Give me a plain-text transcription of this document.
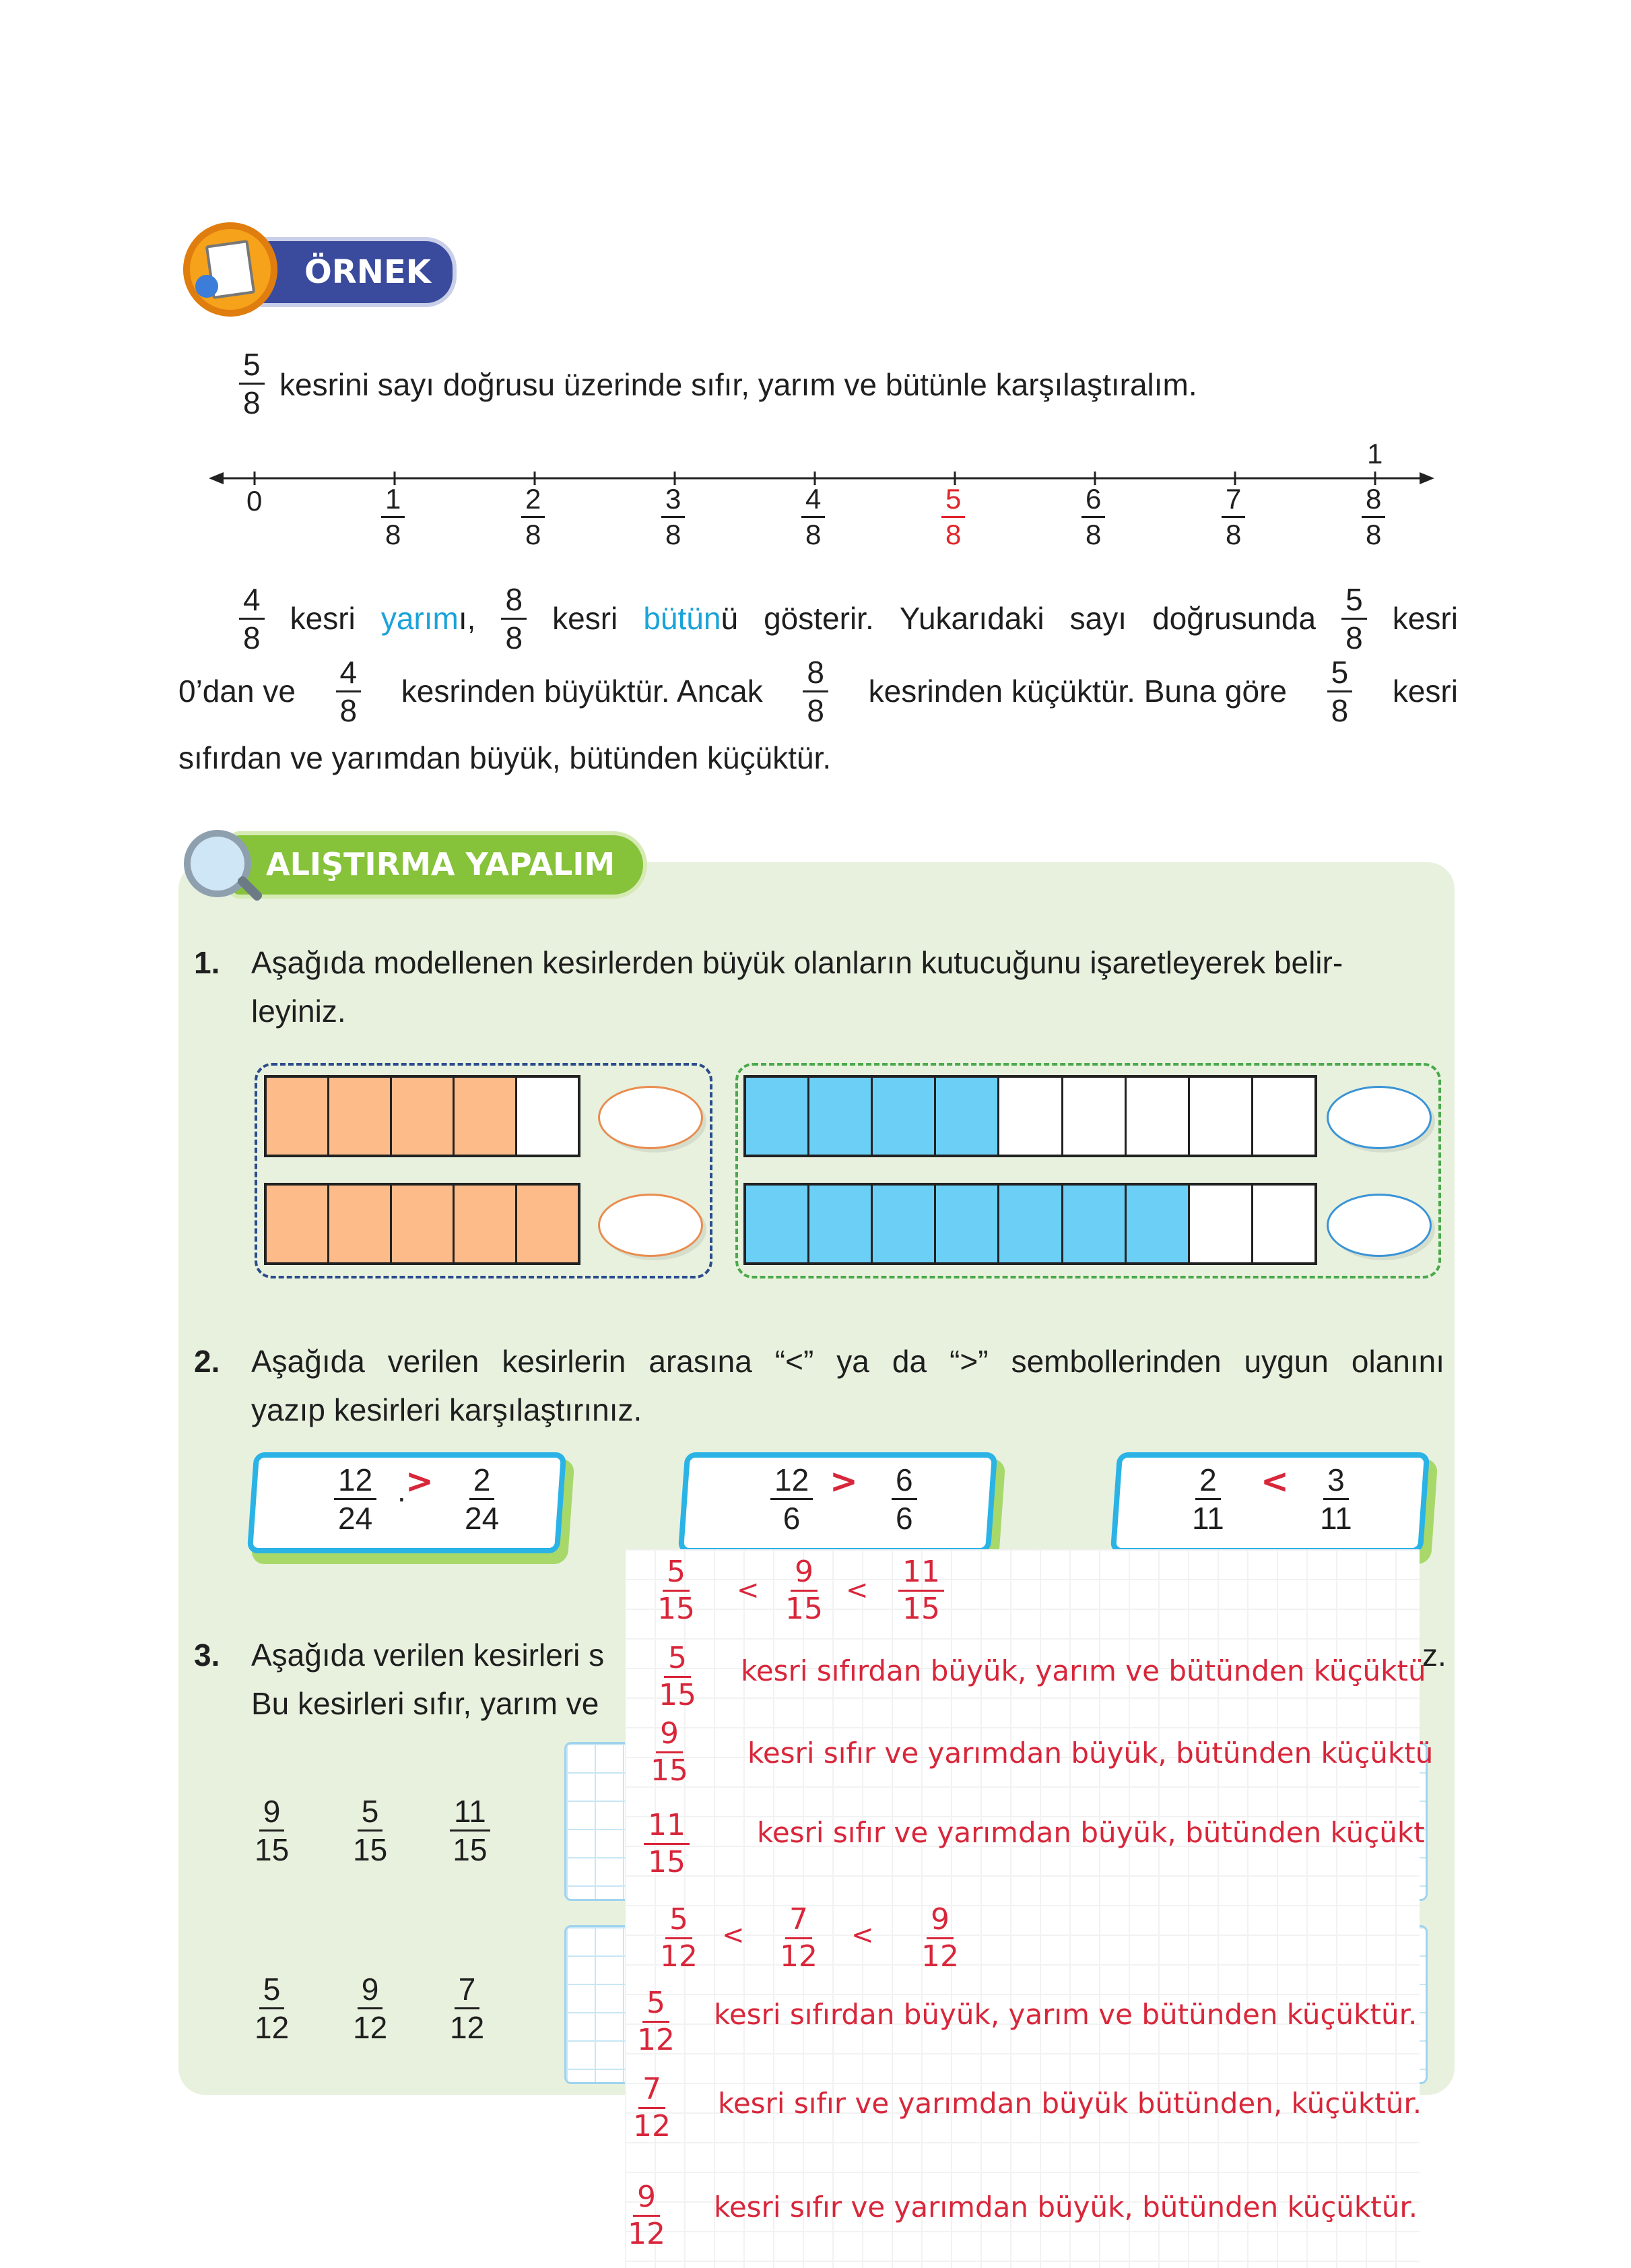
ÖRNEK
$\frac{5}{8}$ kesrini sayı doğrusu üzerinde sıfır, yarım ve bütünle karşılaştıralım.
0
1
$\frac{1}{8}$	$\frac{2}{8}$	$\frac{3}{8}$	$\frac{4}{8}$	$\frac{5}{8}$	$\frac{6}{8}$	$\frac{7}{8}$	$\frac{8}{8}$
$\frac{4}{8}$ kesri yarımı, $\frac{8}{8}$ kesri bütünü gösterir. Yukarıdaki sayı doğrusunda $\frac{5}{8}$ kesri
0’dan ve $\frac{4}{8}$ kesrinden büyüktür. Ancak $\frac{8}{8}$ kesrinden küçüktür. Buna göre $\frac{5}{8}$ kesri
sıfırdan ve yarımdan büyük, bütünden küçüktür.
ALIŞTIRMA YAPALIM
1. Aşağıda modellenen kesirlerden büyük olanların kutucuğunu işaretleyerek belir-
leyiniz.
2. Aşağıda verilen kesirlerin arasına “<” ya da “>” sembollerinden uygun olanını
yazıp kesirleri karşılaştırınız.
$\frac{12}{24}$ . > $\frac{2}{24}$	$\frac{12}{6} > \frac{6}{6}$	$\frac{2}{11} < \frac{3}{11}$
3. Aşağıda verilen kesirleri s	z.
Bu kesirleri sıfır, yarım ve
$\frac{9}{15} \frac{5}{15} \frac{11}{15}$
$\frac{5}{12} \frac{9}{12} \frac{7}{12}$
$\frac{5}{15} < \frac{9}{15} < \frac{11}{15}$
$\frac{5}{15}$ kesri sıfırdan büyük, yarım ve bütünden küçüktü
$\frac{9}{15}$ kesri sıfır ve yarımdan büyük, bütünden küçüktü
$\frac{11}{15}$ kesri sıfır ve yarımdan büyük, bütünden küçükt
$\frac{5}{12} < \frac{7}{12} < \frac{9}{12}$
$\frac{5}{12}$ kesri sıfırdan büyük, yarım ve bütünden küçüktür.
$\frac{7}{12}$ kesri sıfır ve yarımdan büyük bütünden, küçüktür.
$\frac{9}{12}$ kesri sıfır ve yarımdan büyük, bütünden küçüktür.
